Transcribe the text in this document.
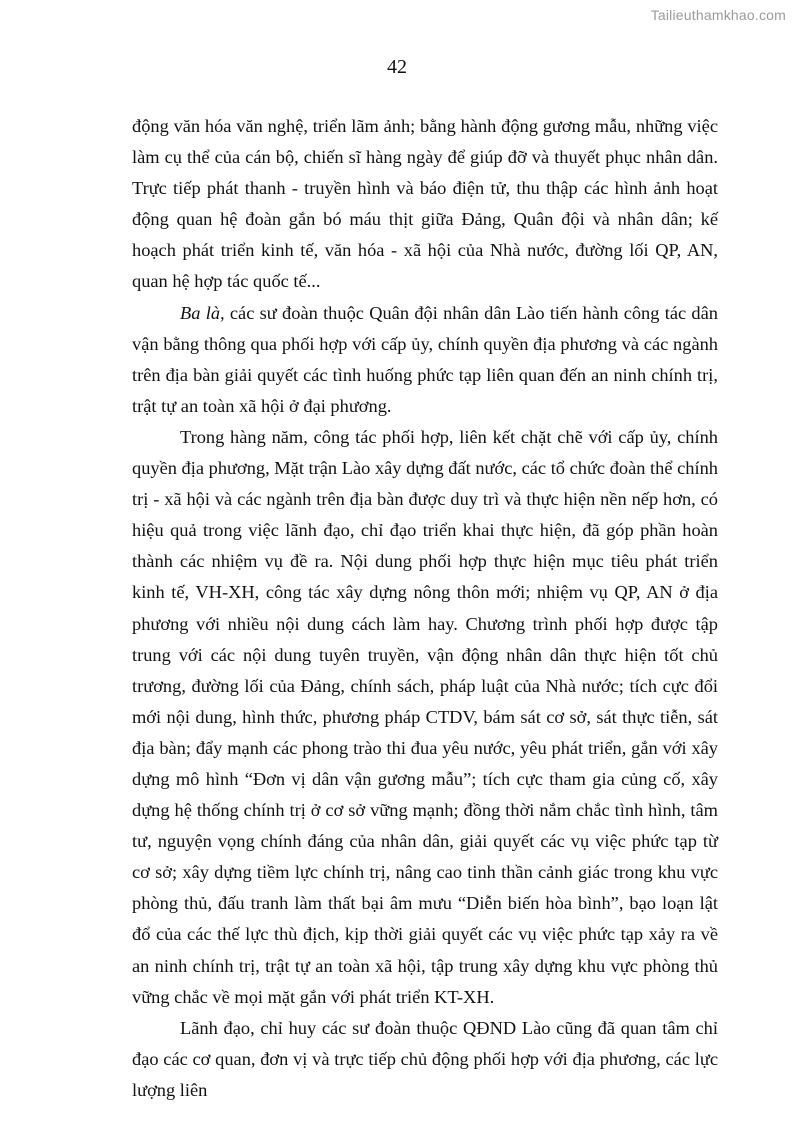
Tailieuthamkhao.com
42

động văn hóa văn nghệ, triển lãm ảnh; bằng hành động gương mẫu, những việc làm cụ thể của cán bộ, chiến sĩ hàng ngày để giúp đỡ và thuyết phục nhân dân. Trực tiếp phát thanh - truyền hình và báo điện tử, thu thập các hình ảnh hoạt động quan hệ đoàn gắn bó máu thịt giữa Đảng, Quân đội và nhân dân; kế hoạch phát triển kinh tế, văn hóa - xã hội của Nhà nước, đường lối QP, AN, quan hệ hợp tác quốc tế...

Ba là, các sư đoàn thuộc Quân đội nhân dân Lào tiến hành công tác dân vận bằng thông qua phối hợp với cấp ủy, chính quyền địa phương và các ngành trên địa bàn giải quyết các tình huống phức tạp liên quan đến an ninh chính trị, trật tự an toàn xã hội ở đại phương.

Trong hàng năm, công tác phối hợp, liên kết chặt chẽ với cấp ủy, chính quyền địa phương, Mặt trận Lào xây dựng đất nước, các tổ chức đoàn thể chính trị - xã hội và các ngành trên địa bàn được duy trì và thực hiện nền nếp hơn, có hiệu quả trong việc lãnh đạo, chỉ đạo triển khai thực hiện, đã góp phần hoàn thành các nhiệm vụ đề ra. Nội dung phối hợp thực hiện mục tiêu phát triển kinh tế, VH-XH, công tác xây dựng nông thôn mới; nhiệm vụ QP, AN ở địa phương với nhiều nội dung cách làm hay. Chương trình phối hợp được tập trung với các nội dung tuyên truyền, vận động nhân dân thực hiện tốt chủ trương, đường lối của Đảng, chính sách, pháp luật của Nhà nước; tích cực đổi mới nội dung, hình thức, phương pháp CTDV, bám sát cơ sở, sát thực tiễn, sát địa bàn; đẩy mạnh các phong trào thi đua yêu nước, yêu phát triển, gắn với xây dựng mô hình “Đơn vị dân vận gương mẫu”; tích cực tham gia củng cố, xây dựng hệ thống chính trị ở cơ sở vững mạnh; đồng thời nắm chắc tình hình, tâm tư, nguyện vọng chính đáng của nhân dân, giải quyết các vụ việc phức tạp từ cơ sở; xây dựng tiềm lực chính trị, nâng cao tinh thần cảnh giác trong khu vực phòng thủ, đấu tranh làm thất bại âm mưu “Diễn biến hòa bình”, bạo loạn lật đổ của các thế lực thù địch, kịp thời giải quyết các vụ việc phức tạp xảy ra về an ninh chính trị, trật tự an toàn xã hội, tập trung xây dựng khu vực phòng thủ vững chắc về mọi mặt gắn với phát triển KT-XH.

Lãnh đạo, chỉ huy các sư đoàn thuộc QĐND Lào cũng đã quan tâm chỉ đạo các cơ quan, đơn vị và trực tiếp chủ động phối hợp với địa phương, các lực lượng liên
